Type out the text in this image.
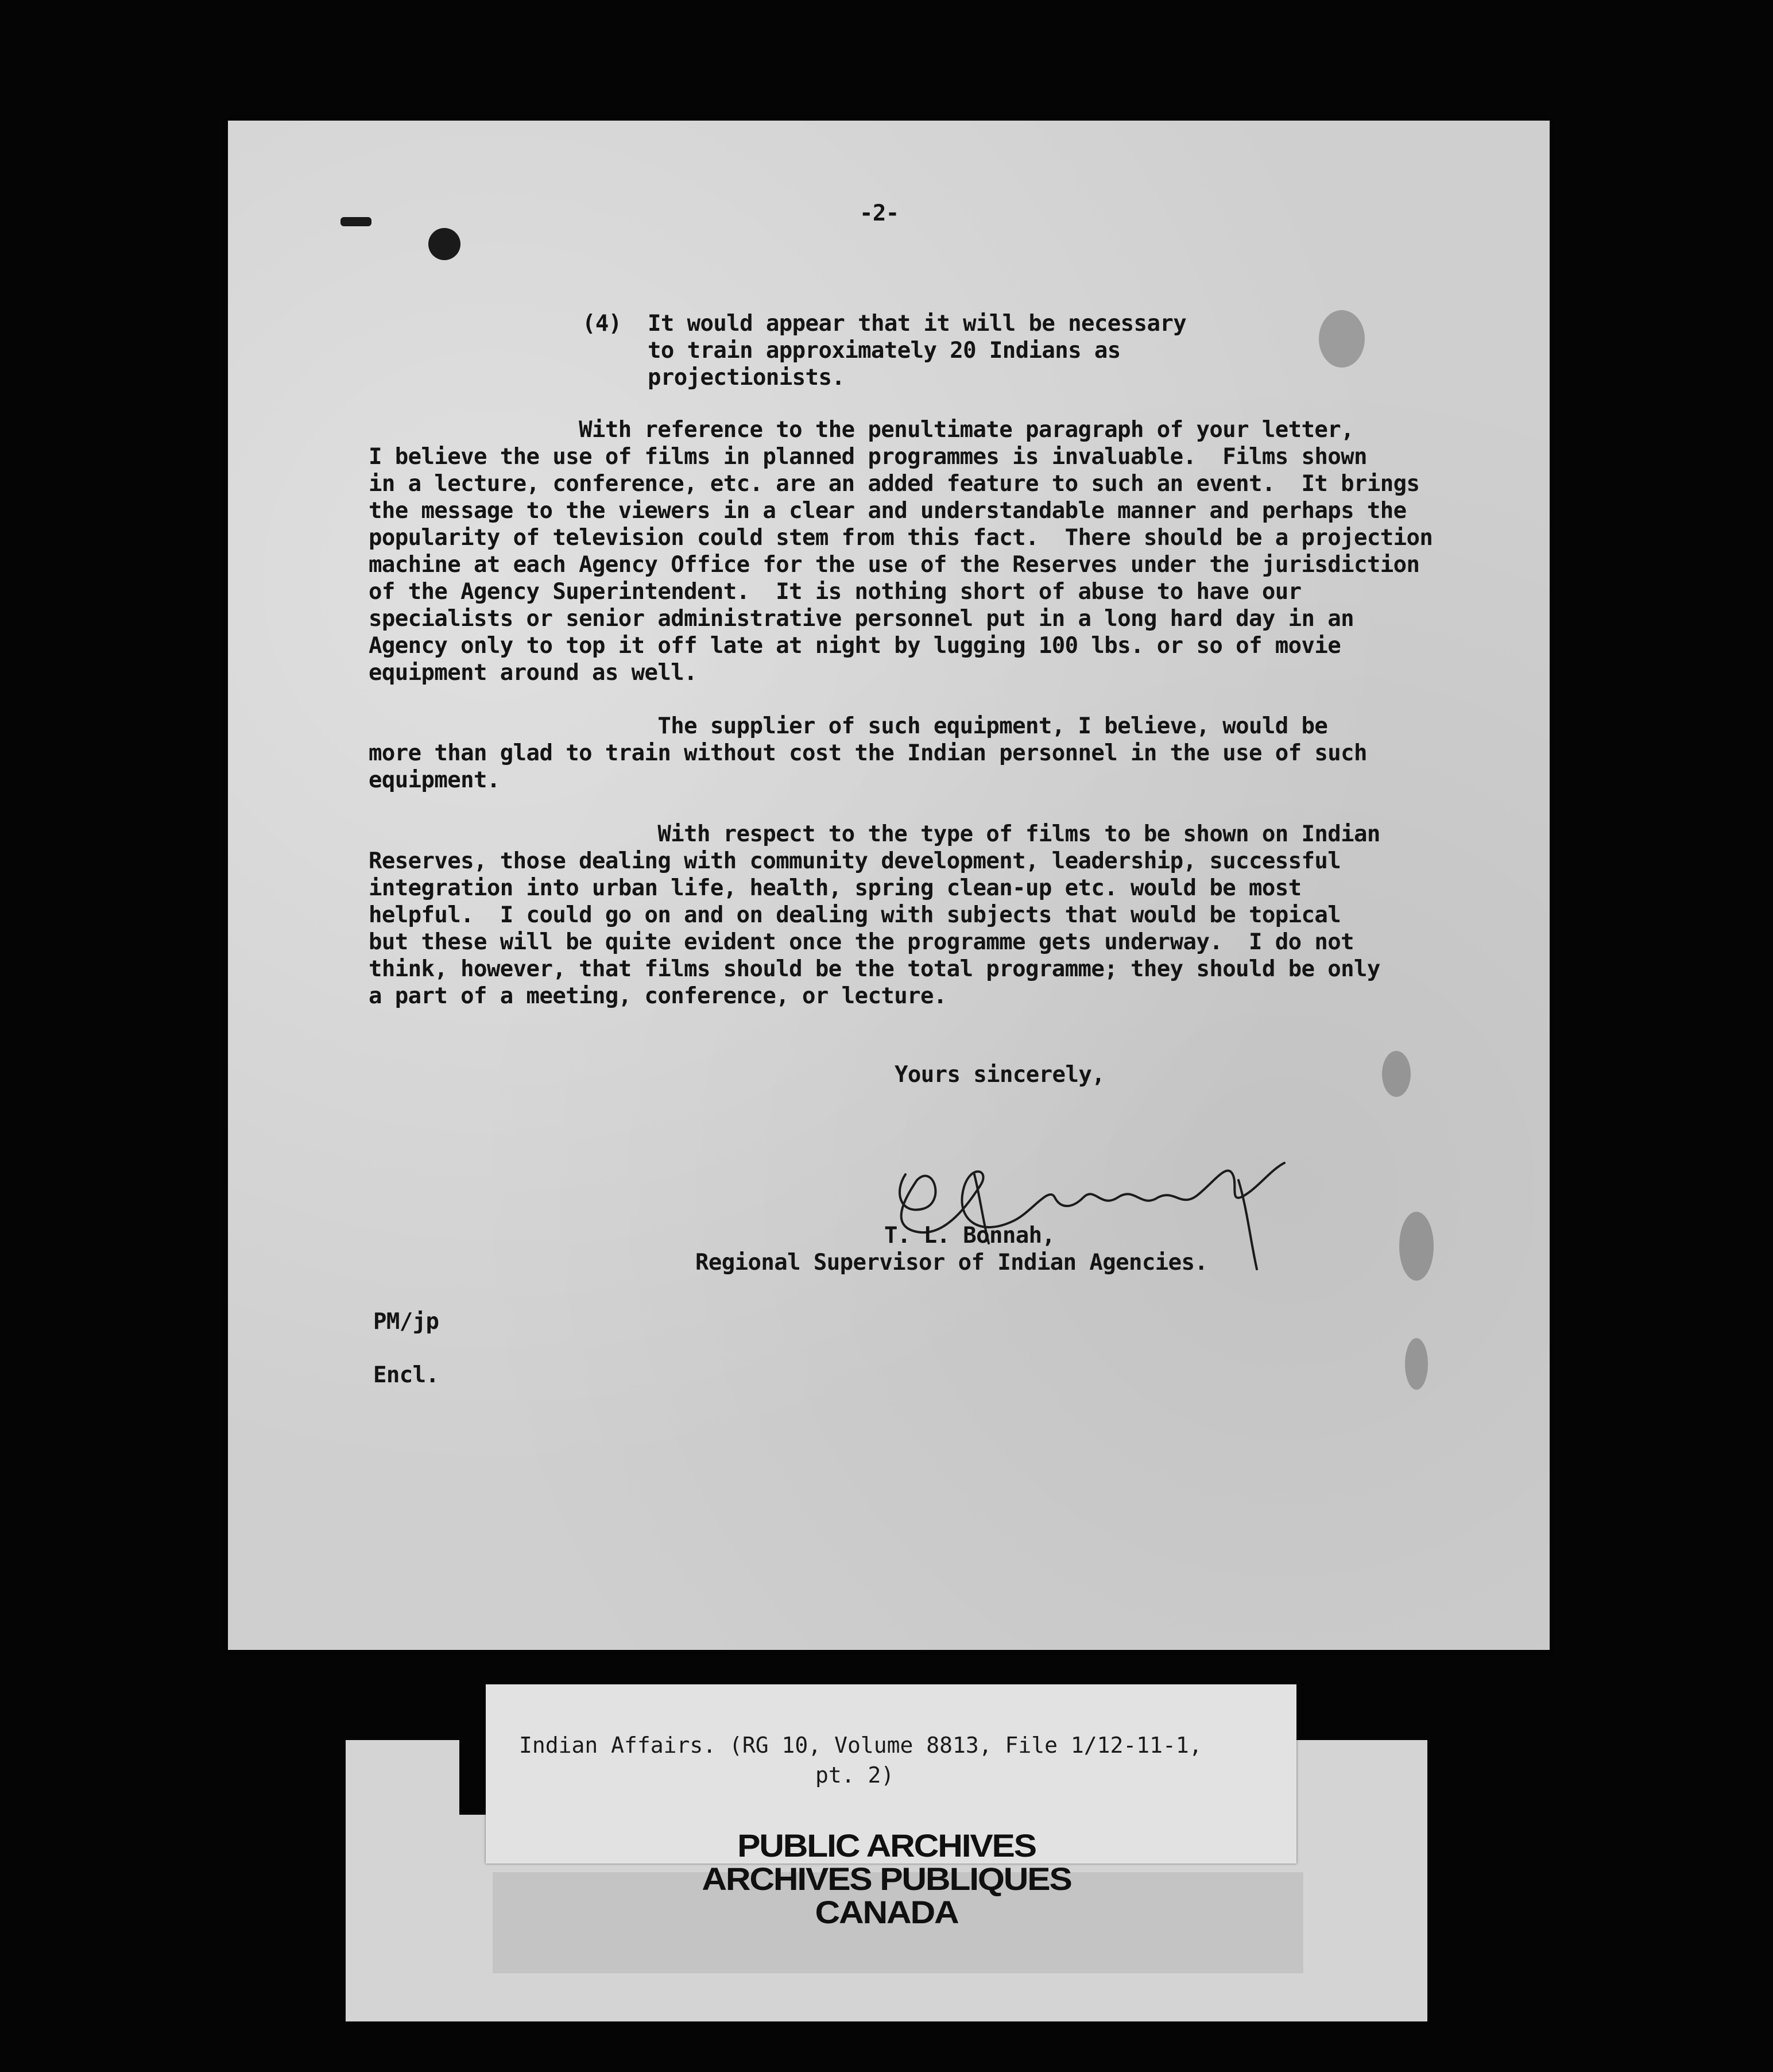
-2-
(4) It would appear that it will be necessary
to train approximately 20 Indians as
projectionists.
With reference to the penultimate paragraph of your letter,
I believe the use of films in planned programmes is invaluable.  Films shown
in a lecture, conference, etc. are an added feature to such an event.  It brings
the message to the viewers in a clear and understandable manner and perhaps the
popularity of television could stem from this fact.  There should be a projection
machine at each Agency Office for the use of the Reserves under the jurisdiction
of the Agency Superintendent.  It is nothing short of abuse to have our
specialists or senior administrative personnel put in a long hard day in an
Agency only to top it off late at night by lugging 100 lbs. or so of movie
equipment around as well.
The supplier of such equipment, I believe, would be
more than glad to train without cost the Indian personnel in the use of such
equipment.
With respect to the type of films to be shown on Indian
Reserves, those dealing with community development, leadership, successful
integration into urban life, health, spring clean-up etc. would be most
helpful.  I could go on and on dealing with subjects that would be topical
but these will be quite evident once the programme gets underway.  I do not
think, however, that films should be the total programme; they should be only
a part of a meeting, conference, or lecture.
Yours sincerely,
T. L. Bonnah,
Regional Supervisor of Indian Agencies.
PM/jp
Encl.
Indian Affairs. (RG 10, Volume 8813, File 1/12-11-1,
pt. 2)
PUBLIC ARCHIVES
ARCHIVES PUBLIQUES
CANADA
